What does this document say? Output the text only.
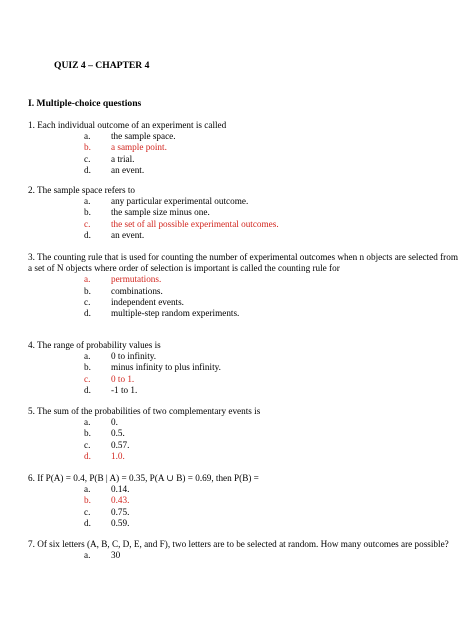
QUIZ 4 – CHAPTER 4
I. Multiple-choice questions
1. Each individual outcome of an experiment is called
a. the sample space.
b. a sample point.
c. a trial.
d. an event.
2. The sample space refers to
a. any particular experimental outcome.
b. the sample size minus one.
c. the set of all possible experimental outcomes.
d. an event.
3. The counting rule that is used for counting the number of experimental outcomes when n objects are selected from a set of N objects where order of selection is important is called the counting rule for
a. permutations.
b. combinations.
c. independent events.
d. multiple-step random experiments.
4. The range of probability values is
a. 0 to infinity.
b. minus infinity to plus infinity.
c. 0 to 1.
d. -1 to 1.
5. The sum of the probabilities of two complementary events is
a. 0.
b. 0.5.
c. 0.57.
d. 1.0.
6. If P(A) = 0.4, P(B | A) = 0.35, P(A ∪ B) = 0.69, then P(B) =
a. 0.14.
b. 0.43.
c. 0.75.
d. 0.59.
7. Of six letters (A, B, C, D, E, and F), two letters are to be selected at random. How many outcomes are possible?
a. 30
